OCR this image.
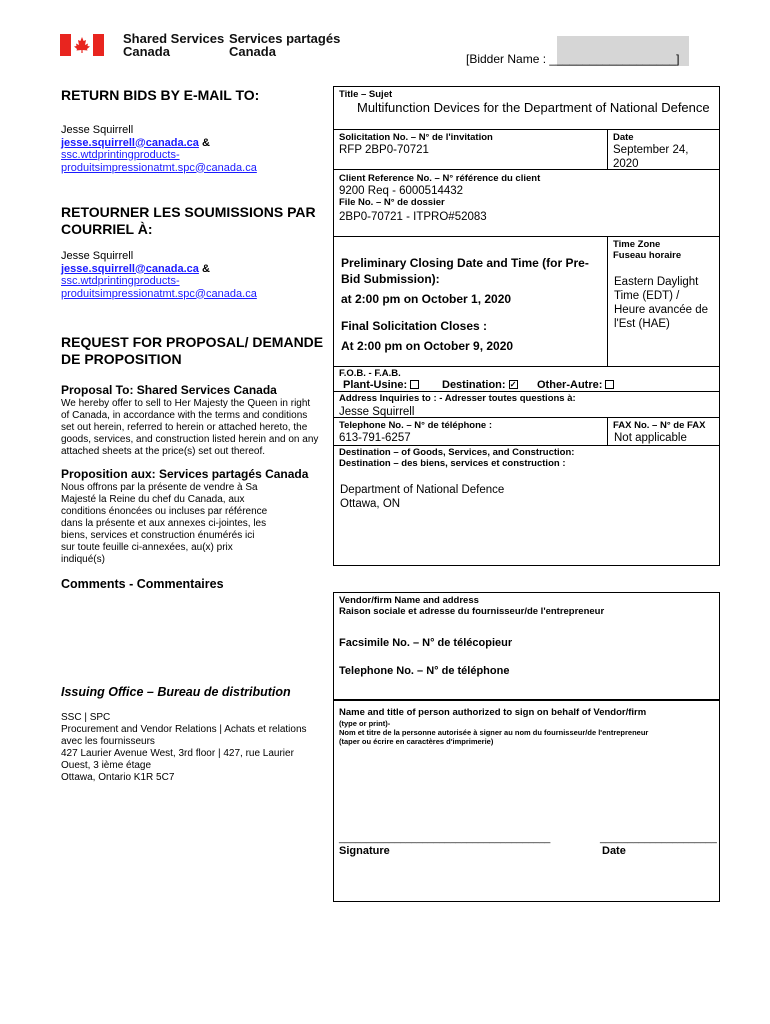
Shared Services
Canada
Services partagés
Canada	[Bidder Name : ___________________]
RETURN BIDS BY E-MAIL TO:
Jesse Squirrell
jesse.squirrell@canada.ca &
ssc.wtdprintingproducts-
produitsimpressionatmt.spc@canada.ca
RETOURNER LES SOUMISSIONS PAR
COURRIEL À:
Jesse Squirrell
jesse.squirrell@canada.ca &
ssc.wtdprintingproducts-
produitsimpressionatmt.spc@canada.ca
REQUEST FOR PROPOSAL/ DEMANDE
DE PROPOSITION
Proposal To: Shared Services Canada
We hereby offer to sell to Her Majesty the Queen in right of Canada, in accordance with the terms and conditions set out herein, referred to herein or attached hereto, the goods, services, and construction listed herein and on any attached sheets at the price(s) set out thereof.
Proposition aux: Services partagés Canada
Nous offrons par la présente de vendre à Sa Majesté la Reine du chef du Canada, aux conditions énoncées ou incluses par référence dans la présente et aux annexes ci-jointes, les biens, services et construction énumérés ici sur toute feuille ci-annexées, au(x) prix indiqué(s)
Comments - Commentaires
Issuing Office – Bureau de distribution
SSC | SPC
Procurement and Vendor Relations | Achats et relations avec les fournisseurs
427 Laurier Avenue West, 3rd floor | 427, rue Laurier Ouest, 3 ième étage
Ottawa, Ontario K1R 5C7
Title – Sujet
Multifunction Devices for the Department of National Defence
Solicitation No. – N° de l'invitation
RFP 2BP0-70721
Date
September 24,
2020
Client Reference No. – N° référence du client
9200 Req - 6000514432
File No. – N° de dossier
2BP0-70721 - ITPRO#52083
Time Zone
Fuseau horaire
Eastern Daylight
Time (EDT) /
Heure avancée de
l'Est (HAE)
Preliminary Closing Date and Time (for Pre-
Bid Submission):
at 2:00 pm on October 1, 2020
Final Solicitation Closes :
At 2:00 pm on October 9, 2020
F.O.B. - F.A.B.
Plant-Usine:	Destination: ✓ Other-Autre:
Address Inquiries to : - Adresser toutes questions à:
Jesse Squirrell
Telephone No. – N° de téléphone :
613-791-6257
FAX No. – N° de FAX
Not applicable
Destination – of Goods, Services, and Construction:
Destination – des biens, services et construction :
Department of National Defence
Ottawa, ON
Vendor/firm Name and address
Raison sociale et adresse du fournisseur/de l'entrepreneur
Facsimile No. – N° de télécopieur
Telephone No. – N° de téléphone
Name and title of person authorized to sign on behalf of Vendor/firm
(type or print)-
Nom et titre de la personne autorisée à signer au nom du fournisseur/de l'entrepreneur
(taper ou écrire en caractères d'imprimerie)
______________________________________
Signature
_____________________
Date
